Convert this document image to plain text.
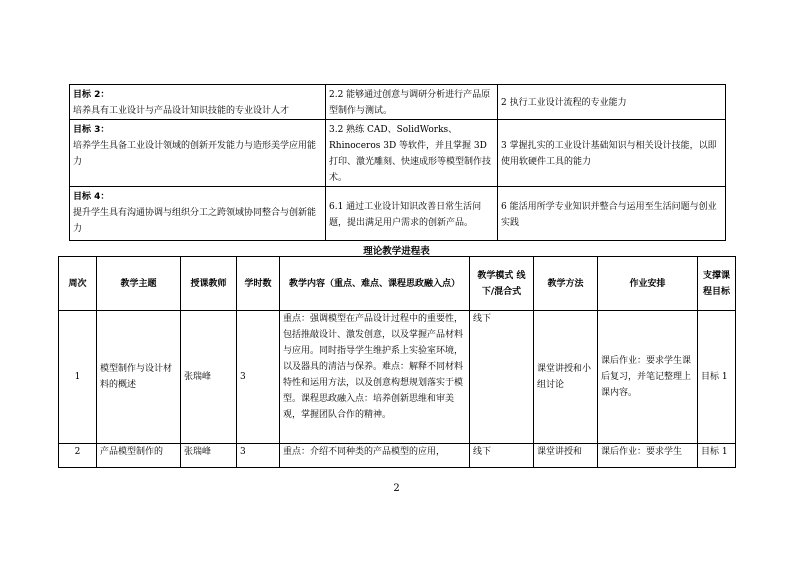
目标 2：
培养具有工业设计与产品设计知识技能的专业设计人才	2.2 能够通过创意与调研分析进行产品原型制作与测试。	2 执行工业设计流程的专业能力

目标 3：
培养学生具备工业设计领域的创新开发能力与造形美学应用能力	3.2 熟练 CAD、SolidWorks、Rhinoceros 3D 等软件，并且掌握 3D 打印、激光雕刻、快速成形等模型制作技术。	3 掌握扎实的工业设计基础知识与相关设计技能，以即使用软硬件工具的能力

目标 4：
提升学生具有沟通协调与组织分工之跨领域协同整合与创新能力	6.1 通过工业设计知识改善日常生活问题，提出满足用户需求的创新产品。	6 能活用所学专业知识并整合与运用至生活问题与创业实践
理论教学进程表
周次	教学主题	授课教师	学时数	教学内容（重点、难点、课程思政融入点）	教学模式 线下/混合式	教学方法	作业安排	支撑课程目标
1	模型制作与设计材料的概述	张瑞峰	3	重点：强调模型在产品设计过程中的重要性，包括推敲设计、激发创意，以及掌握产品材料与应用。同时指导学生维护系上实验室环境，以及器具的清洁与保养。难点：解释不同材料特性和运用方法，以及创意构想规划落实于模型。课程思政融入点：培养创新思维和审美观，掌握团队合作的精神。	线下	课堂讲授和小组讨论	课后作业：要求学生课后复习，并笔记整理上课内容。	目标 1
2	产品模型制作的	张瑞峰	3	重点：介绍不同种类的产品模型的应用，	线下	课堂讲授和	课后作业：要求学生	目标 1
2
